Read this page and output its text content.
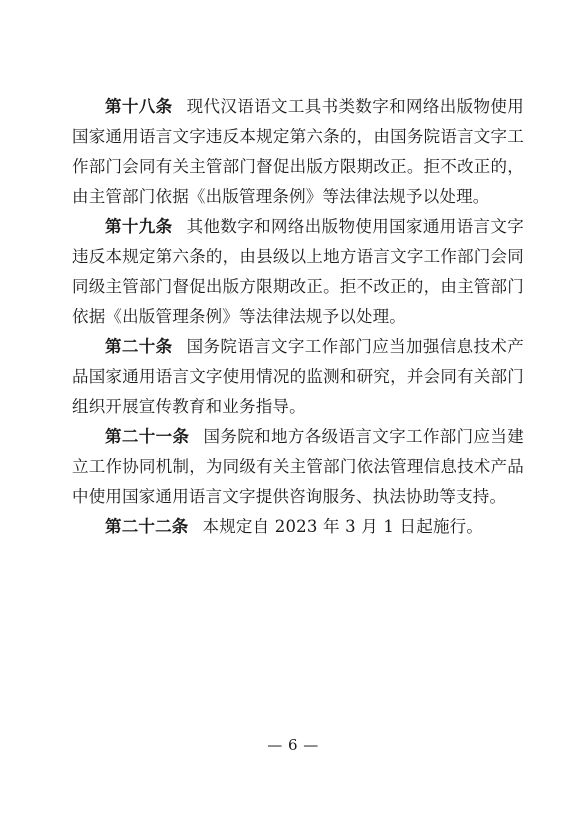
第十八条 现代汉语语文工具书类数字和网络出版物使用国家通用语言文字违反本规定第六条的，由国务院语言文字工作部门会同有关主管部门督促出版方限期改正。拒不改正的，由主管部门依据《出版管理条例》等法律法规予以处理。

第十九条 其他数字和网络出版物使用国家通用语言文字违反本规定第六条的，由县级以上地方语言文字工作部门会同同级主管部门督促出版方限期改正。拒不改正的，由主管部门依据《出版管理条例》等法律法规予以处理。

第二十条 国务院语言文字工作部门应当加强信息技术产品国家通用语言文字使用情况的监测和研究，并会同有关部门组织开展宣传教育和业务指导。

第二十一条 国务院和地方各级语言文字工作部门应当建立工作协同机制，为同级有关主管部门依法管理信息技术产品中使用国家通用语言文字提供咨询服务、执法协助等支持。

第二十二条 本规定自 2023 年 3 月 1 日起施行。

— 6 —
